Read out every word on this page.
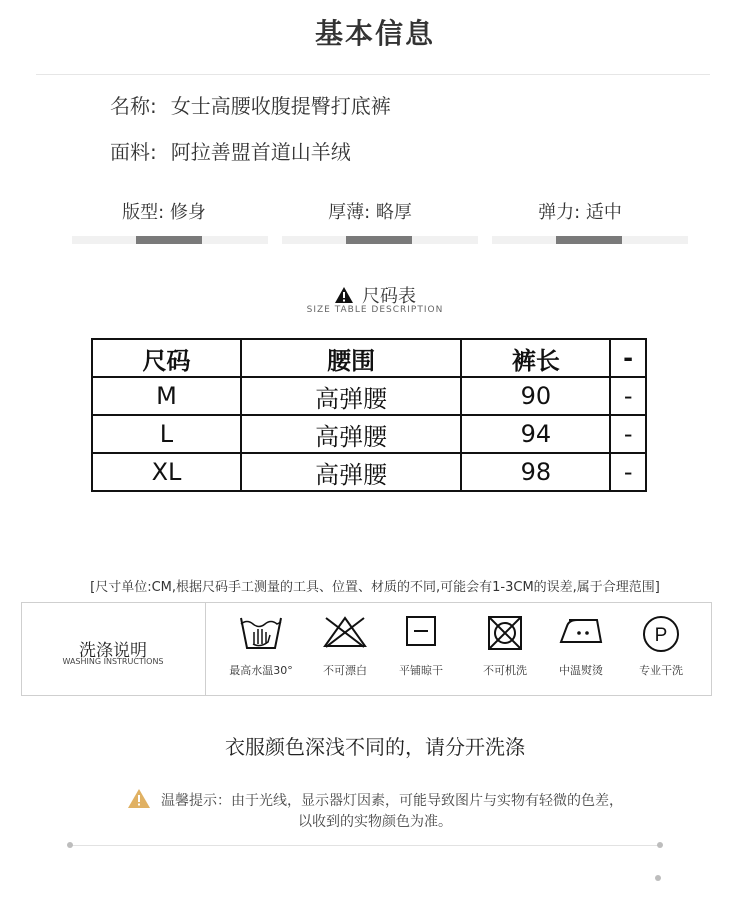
基本信息
名称: 女士高腰收腹提臀打底裤
面料: 阿拉善盟首道山羊绒
版型: 修身	厚薄: 略厚	弹力: 适中
尺码表
SIZE TABLE DESCRIPTION
尺码	腰围	裤长	-
M	高弹腰	90	-
L	高弹腰	94	-
XL	高弹腰	98	-
[尺寸单位:CM,根据尺码手工测量的工具、位置、材质的不同,可能会有1-3CM的误差,属于合理范围]
洗涤说明
WASHING INSTRUCTIONS
最高水温30°	不可漂白	平铺晾干	不可机洗	中温熨烫
P
专业干洗
衣服颜色深浅不同的，请分开洗涤
温馨提示：由于光线，显示器灯因素，可能导致图片与实物有轻微的色差，
以收到的实物颜色为准。
